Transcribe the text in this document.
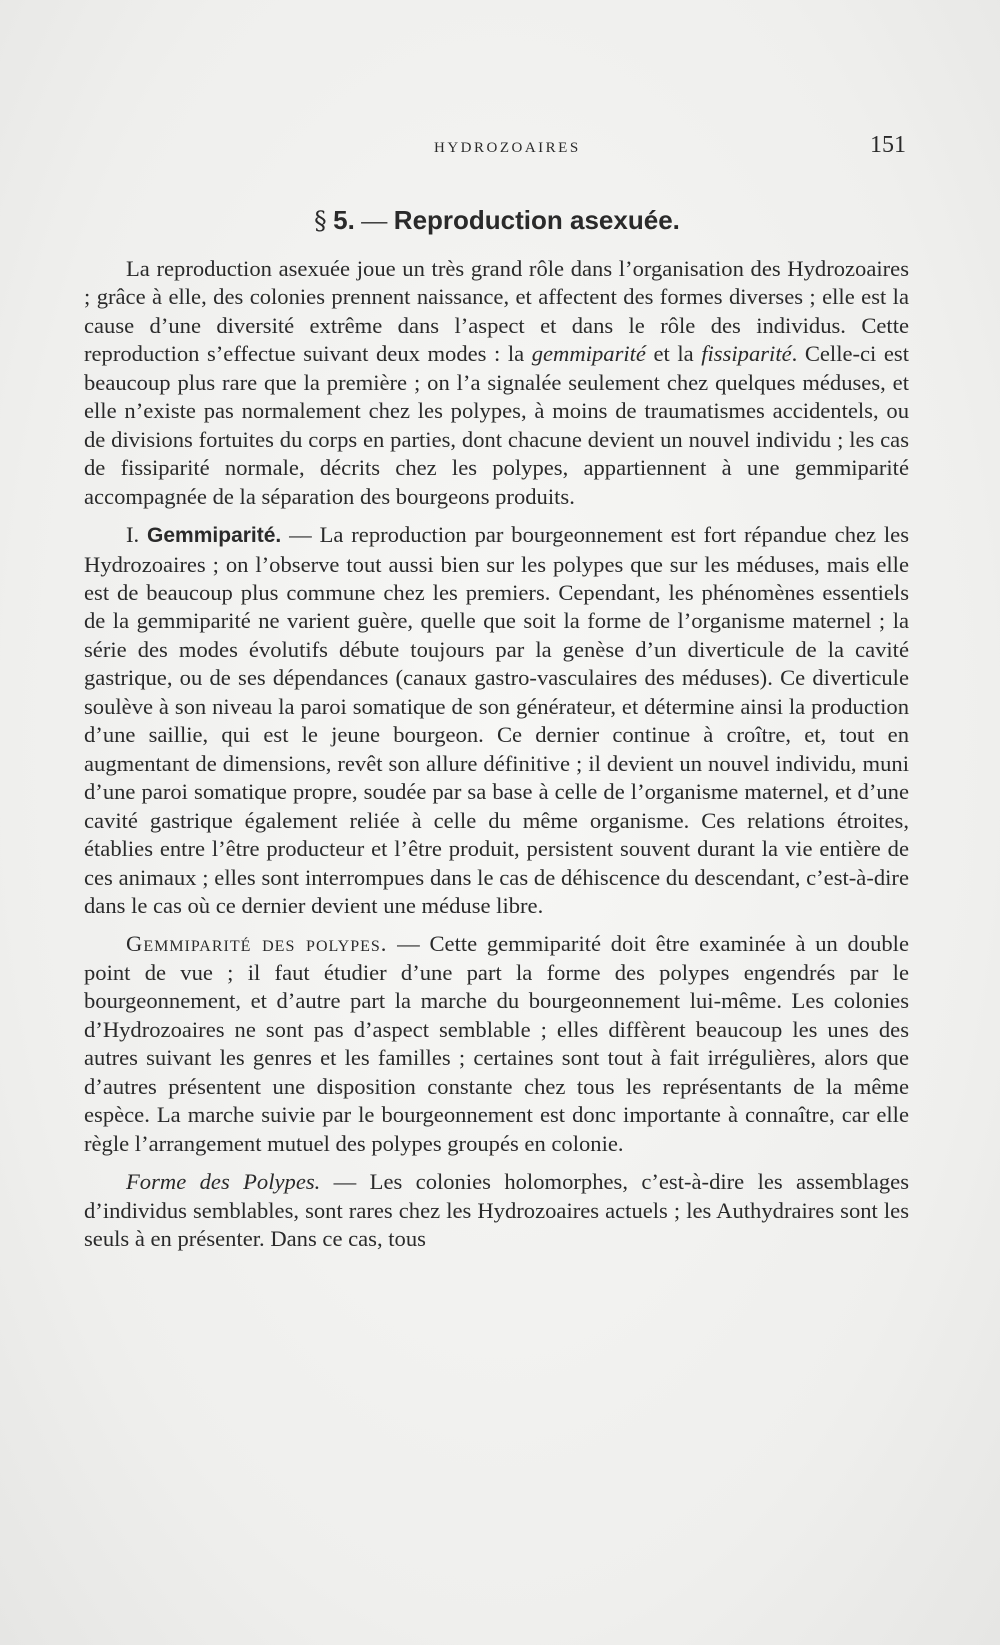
HYDROZOAIRES	151
§ 5. — Reproduction asexuée.

La reproduction asexuée joue un très grand rôle dans l’organisation des Hydrozoaires ; grâce à elle, des colonies prennent naissance, et affectent des formes diverses ; elle est la cause d’une diversité extrême dans l’aspect et dans le rôle des individus. Cette reproduction s’effectue suivant deux modes : la gemmiparité et la fissiparité. Celle-ci est beaucoup plus rare que la première ; on l’a signalée seulement chez quelques méduses, et elle n’existe pas normalement chez les polypes, à moins de traumatismes accidentels, ou de divisions fortuites du corps en parties, dont chacune devient un nouvel individu ; les cas de fissiparité normale, décrits chez les polypes, appartiennent à une gemmiparité accompagnée de la séparation des bourgeons produits.

I. Gemmiparité. — La reproduction par bourgeonnement est fort répandue chez les Hydrozoaires ; on l’observe tout aussi bien sur les polypes que sur les méduses, mais elle est de beaucoup plus commune chez les premiers. Cependant, les phénomènes essentiels de la gemmiparité ne varient guère, quelle que soit la forme de l’organisme maternel ; la série des modes évolutifs débute toujours par la genèse d’un diverticule de la cavité gastrique, ou de ses dépendances (canaux gastro-vasculaires des méduses). Ce diverticule soulève à son niveau la paroi somatique de son générateur, et détermine ainsi la production d’une saillie, qui est le jeune bourgeon. Ce dernier continue à croître, et, tout en augmentant de dimensions, revêt son allure définitive ; il devient un nouvel individu, muni d’une paroi somatique propre, soudée par sa base à celle de l’organisme maternel, et d’une cavité gastrique également reliée à celle du même organisme. Ces relations étroites, établies entre l’être producteur et l’être produit, persistent souvent durant la vie entière de ces animaux ; elles sont interrompues dans le cas de déhiscence du descendant, c’est-à-dire dans le cas où ce dernier devient une méduse libre.

Gemmiparité des polypes. — Cette gemmiparité doit être examinée à un double point de vue ; il faut étudier d’une part la forme des polypes engendrés par le bourgeonnement, et d’autre part la marche du bourgeonnement lui-même. Les colonies d’Hydrozoaires ne sont pas d’aspect semblable ; elles diffèrent beaucoup les unes des autres suivant les genres et les familles ; certaines sont tout à fait irrégulières, alors que d’autres présentent une disposition constante chez tous les représentants de la même espèce. La marche suivie par le bourgeonnement est donc importante à connaître, car elle règle l’arrangement mutuel des polypes groupés en colonie.

Forme des Polypes. — Les colonies holomorphes, c’est-à-dire les assemblages d’individus semblables, sont rares chez les Hydrozoaires actuels ; les Authydraires sont les seuls à en présenter. Dans ce cas, tous
